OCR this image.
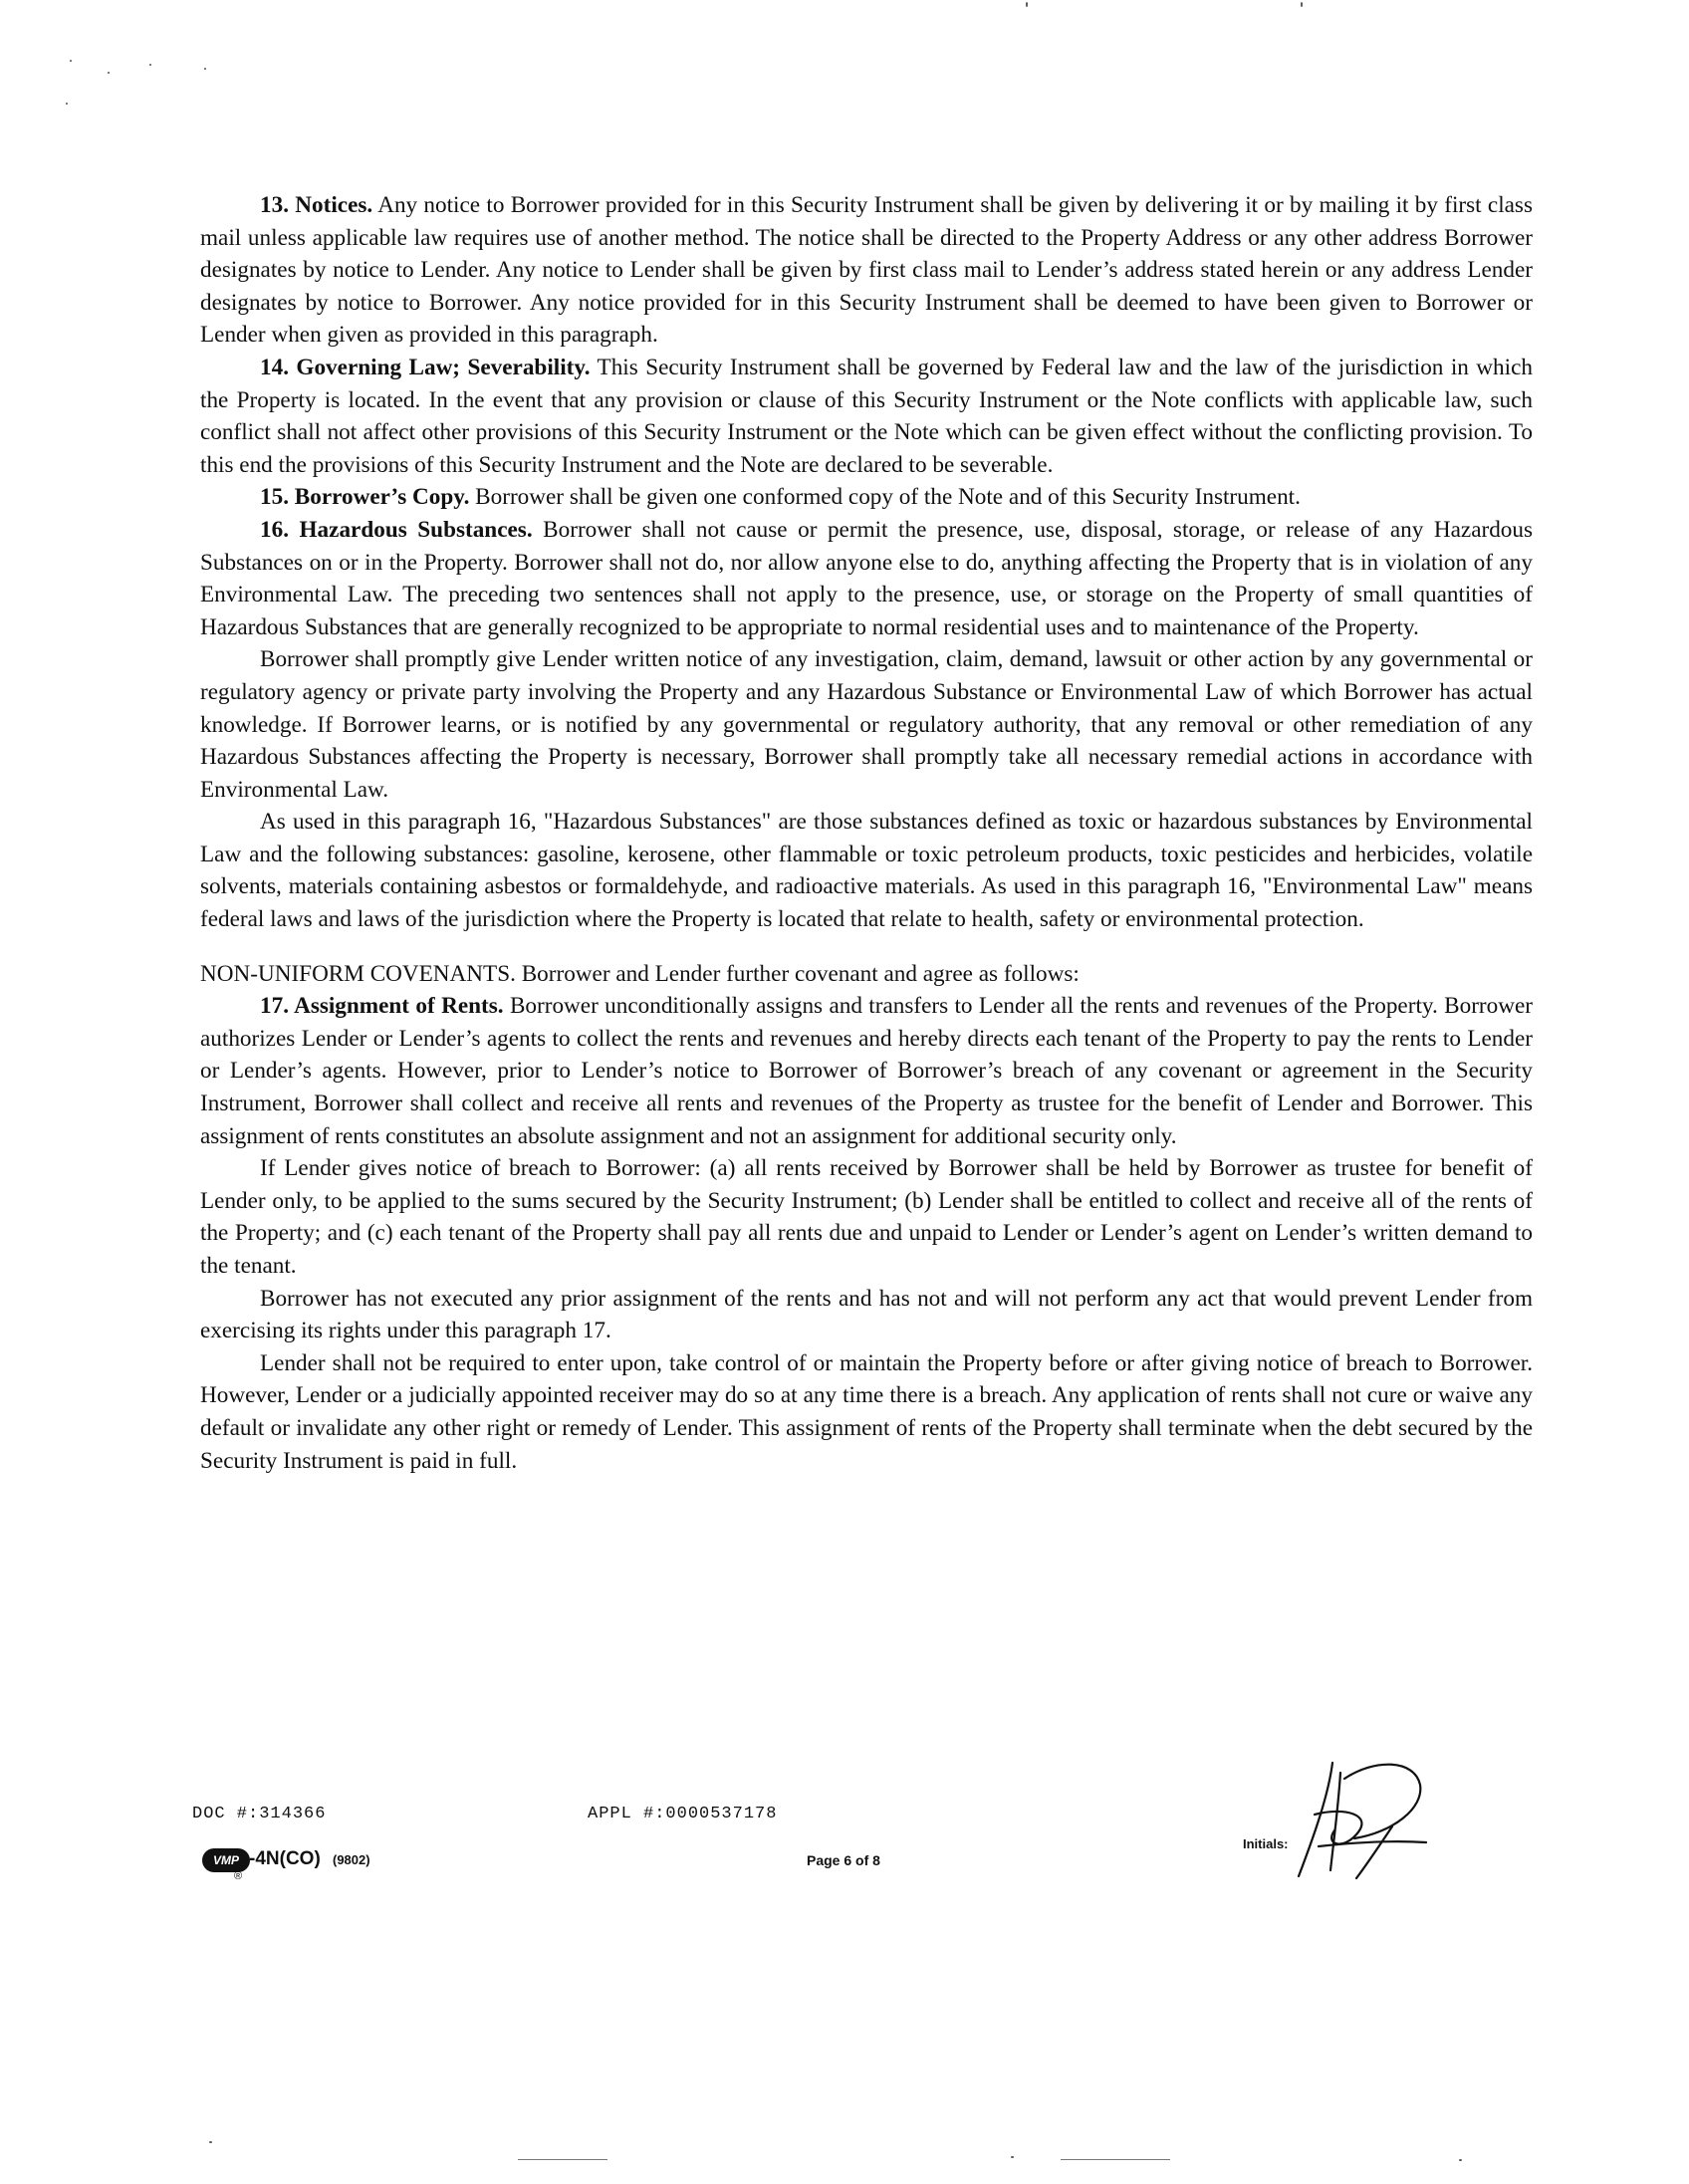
13. Notices. Any notice to Borrower provided for in this Security Instrument shall be given by delivering it or by mailing it by first class mail unless applicable law requires use of another method. The notice shall be directed to the Property Address or any other address Borrower designates by notice to Lender. Any notice to Lender shall be given by first class mail to Lender’s address stated herein or any address Lender designates by notice to Borrower. Any notice provided for in this Security Instrument shall be deemed to have been given to Borrower or Lender when given as provided in this paragraph.

14. Governing Law; Severability. This Security Instrument shall be governed by Federal law and the law of the jurisdiction in which the Property is located. In the event that any provision or clause of this Security Instrument or the Note conflicts with applicable law, such conflict shall not affect other provisions of this Security Instrument or the Note which can be given effect without the conflicting provision. To this end the provisions of this Security Instrument and the Note are declared to be severable.

15. Borrower’s Copy. Borrower shall be given one conformed copy of the Note and of this Security Instrument.

16. Hazardous Substances. Borrower shall not cause or permit the presence, use, disposal, storage, or release of any Hazardous Substances on or in the Property. Borrower shall not do, nor allow anyone else to do, anything affecting the Property that is in violation of any Environmental Law. The preceding two sentences shall not apply to the presence, use, or storage on the Property of small quantities of Hazardous Substances that are generally recognized to be appropriate to normal residential uses and to maintenance of the Property.

Borrower shall promptly give Lender written notice of any investigation, claim, demand, lawsuit or other action by any governmental or regulatory agency or private party involving the Property and any Hazardous Substance or Environmental Law of which Borrower has actual knowledge. If Borrower learns, or is notified by any governmental or regulatory authority, that any removal or other remediation of any Hazardous Substances affecting the Property is necessary, Borrower shall promptly take all necessary remedial actions in accordance with Environmental Law.

As used in this paragraph 16, "Hazardous Substances" are those substances defined as toxic or hazardous substances by Environmental Law and the following substances: gasoline, kerosene, other flammable or toxic petroleum products, toxic pesticides and herbicides, volatile solvents, materials containing asbestos or formaldehyde, and radioactive materials. As used in this paragraph 16, "Environmental Law" means federal laws and laws of the jurisdiction where the Property is located that relate to health, safety or environmental protection.

NON-UNIFORM COVENANTS. Borrower and Lender further covenant and agree as follows:

17. Assignment of Rents. Borrower unconditionally assigns and transfers to Lender all the rents and revenues of the Property. Borrower authorizes Lender or Lender’s agents to collect the rents and revenues and hereby directs each tenant of the Property to pay the rents to Lender or Lender’s agents. However, prior to Lender’s notice to Borrower of Borrower’s breach of any covenant or agreement in the Security Instrument, Borrower shall collect and receive all rents and revenues of the Property as trustee for the benefit of Lender and Borrower. This assignment of rents constitutes an absolute assignment and not an assignment for additional security only.

If Lender gives notice of breach to Borrower: (a) all rents received by Borrower shall be held by Borrower as trustee for benefit of Lender only, to be applied to the sums secured by the Security Instrument; (b) Lender shall be entitled to collect and receive all of the rents of the Property; and (c) each tenant of the Property shall pay all rents due and unpaid to Lender or Lender’s agent on Lender’s written demand to the tenant.

Borrower has not executed any prior assignment of the rents and has not and will not perform any act that would prevent Lender from exercising its rights under this paragraph 17.

Lender shall not be required to enter upon, take control of or maintain the Property before or after giving notice of breach to Borrower. However, Lender or a judicially appointed receiver may do so at any time there is a breach. Any application of rents shall not cure or waive any default or invalidate any other right or remedy of Lender. This assignment of rents of the Property shall terminate when the debt secured by the Security Instrument is paid in full.

DOC #:314366	APPL #:0000537178
VMP
®
-4N(CO) (9802)	Page 6 of 8
Initials:
